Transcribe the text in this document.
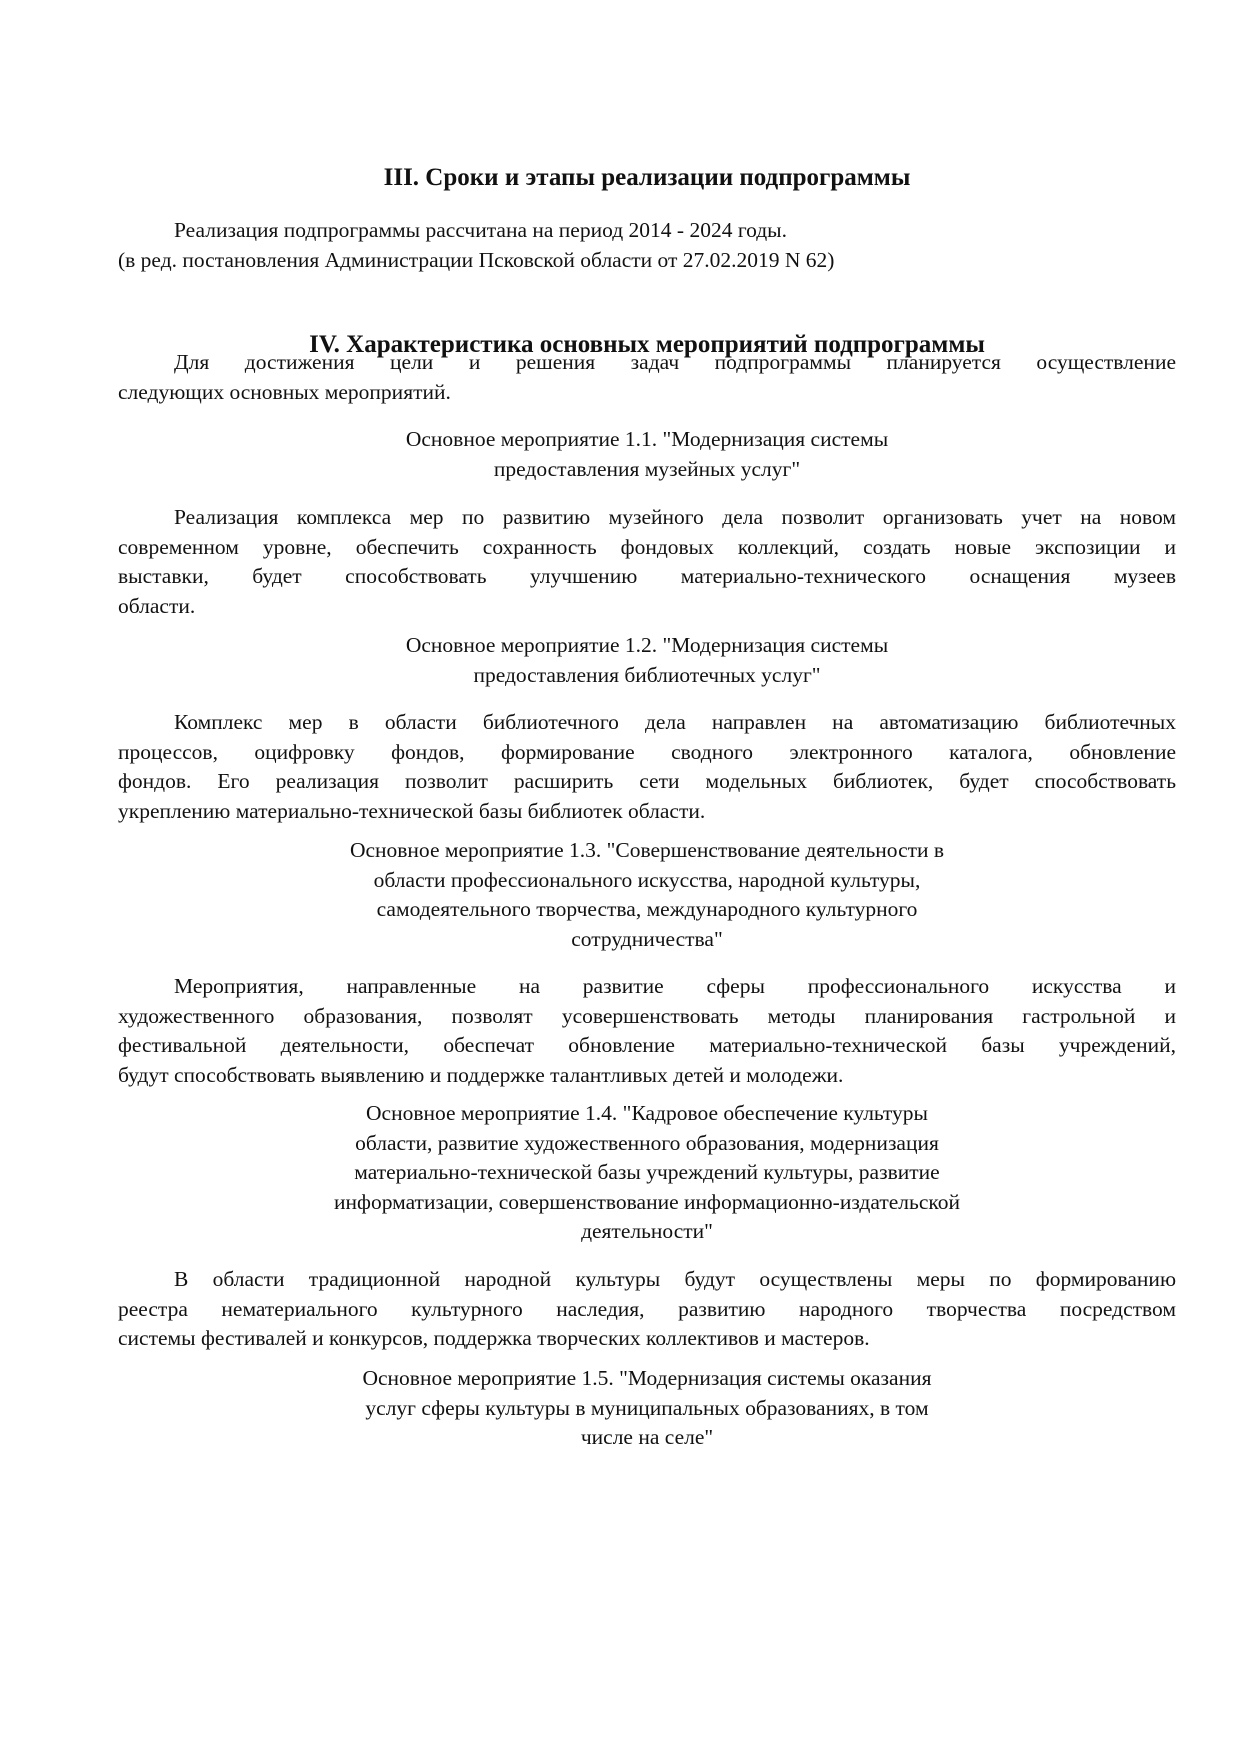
III. Сроки и этапы реализации подпрограммы
Реализация подпрограммы рассчитана на период 2014 - 2024 годы.
(в ред. постановления Администрации Псковской области от 27.02.2019 N 62)
IV. Характеристика основных мероприятий подпрограммы
Для достижения цели и решения задач подпрограммы планируется осуществление
следующих основных мероприятий.
Основное мероприятие 1.1. "Модернизация системы
предоставления музейных услуг"
Реализация комплекса мер по развитию музейного дела позволит организовать учет на новом
современном уровне, обеспечить сохранность фондовых коллекций, создать новые экспозиции и
выставки, будет способствовать улучшению материально-технического оснащения музеев
области.
Основное мероприятие 1.2. "Модернизация системы
предоставления библиотечных услуг"
Комплекс мер в области библиотечного дела направлен на автоматизацию библиотечных
процессов, оцифровку фондов, формирование сводного электронного каталога, обновление
фондов. Его реализация позволит расширить сети модельных библиотек, будет способствовать
укреплению материально-технической базы библиотек области.
Основное мероприятие 1.3. "Совершенствование деятельности в
области профессионального искусства, народной культуры,
самодеятельного творчества, международного культурного
сотрудничества"
Мероприятия, направленные на развитие сферы профессионального искусства и
художественного образования, позволят усовершенствовать методы планирования гастрольной и
фестивальной деятельности, обеспечат обновление материально-технической базы учреждений,
будут способствовать выявлению и поддержке талантливых детей и молодежи.
Основное мероприятие 1.4. "Кадровое обеспечение культуры
области, развитие художественного образования, модернизация
материально-технической базы учреждений культуры, развитие
информатизации, совершенствование информационно-издательской
деятельности"
В области традиционной народной культуры будут осуществлены меры по формированию
реестра нематериального культурного наследия, развитию народного творчества посредством
системы фестивалей и конкурсов, поддержка творческих коллективов и мастеров.
Основное мероприятие 1.5. "Модернизация системы оказания
услуг сферы культуры в муниципальных образованиях, в том
числе на селе"
